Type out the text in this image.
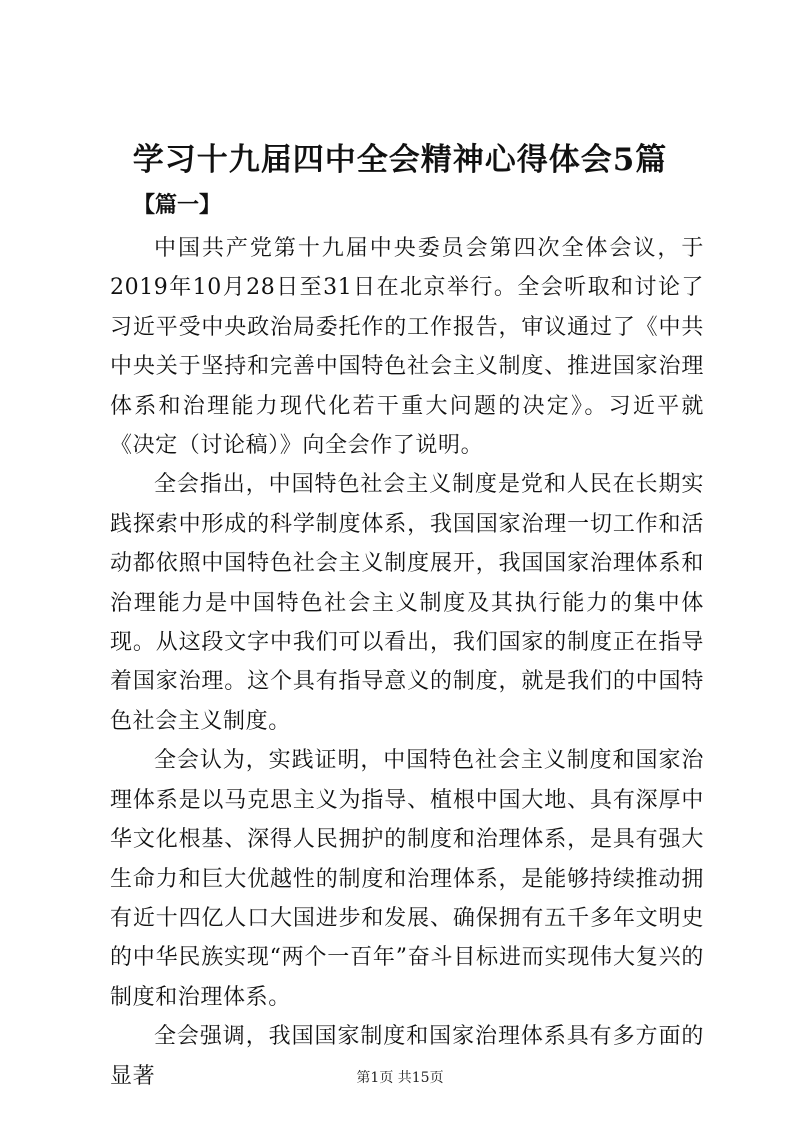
学习十九届四中全会精神心得体会5篇
【篇一】

中国共产党第十九届中央委员会第四次全体会议，于2019年10月28日至31日在北京举行。全会听取和讨论了习近平受中央政治局委托作的工作报告，审议通过了《中共中央关于坚持和完善中国特色社会主义制度、推进国家治理体系和治理能力现代化若干重大问题的决定》。习近平就《决定（讨论稿）》向全会作了说明。

全会指出，中国特色社会主义制度是党和人民在长期实践探索中形成的科学制度体系，我国国家治理一切工作和活动都依照中国特色社会主义制度展开，我国国家治理体系和治理能力是中国特色社会主义制度及其执行能力的集中体现。从这段文字中我们可以看出，我们国家的制度正在指导着国家治理。这个具有指导意义的制度，就是我们的中国特色社会主义制度。

全会认为，实践证明，中国特色社会主义制度和国家治理体系是以马克思主义为指导、植根中国大地、具有深厚中华文化根基、深得人民拥护的制度和治理体系，是具有强大生命力和巨大优越性的制度和治理体系，是能够持续推动拥有近十四亿人口大国进步和发展、确保拥有五千多年文明史的中华民族实现“两个一百年”奋斗目标进而实现伟大复兴的制度和治理体系。

全会强调，我国国家制度和国家治理体系具有多方面的显著	第1页 共15页
